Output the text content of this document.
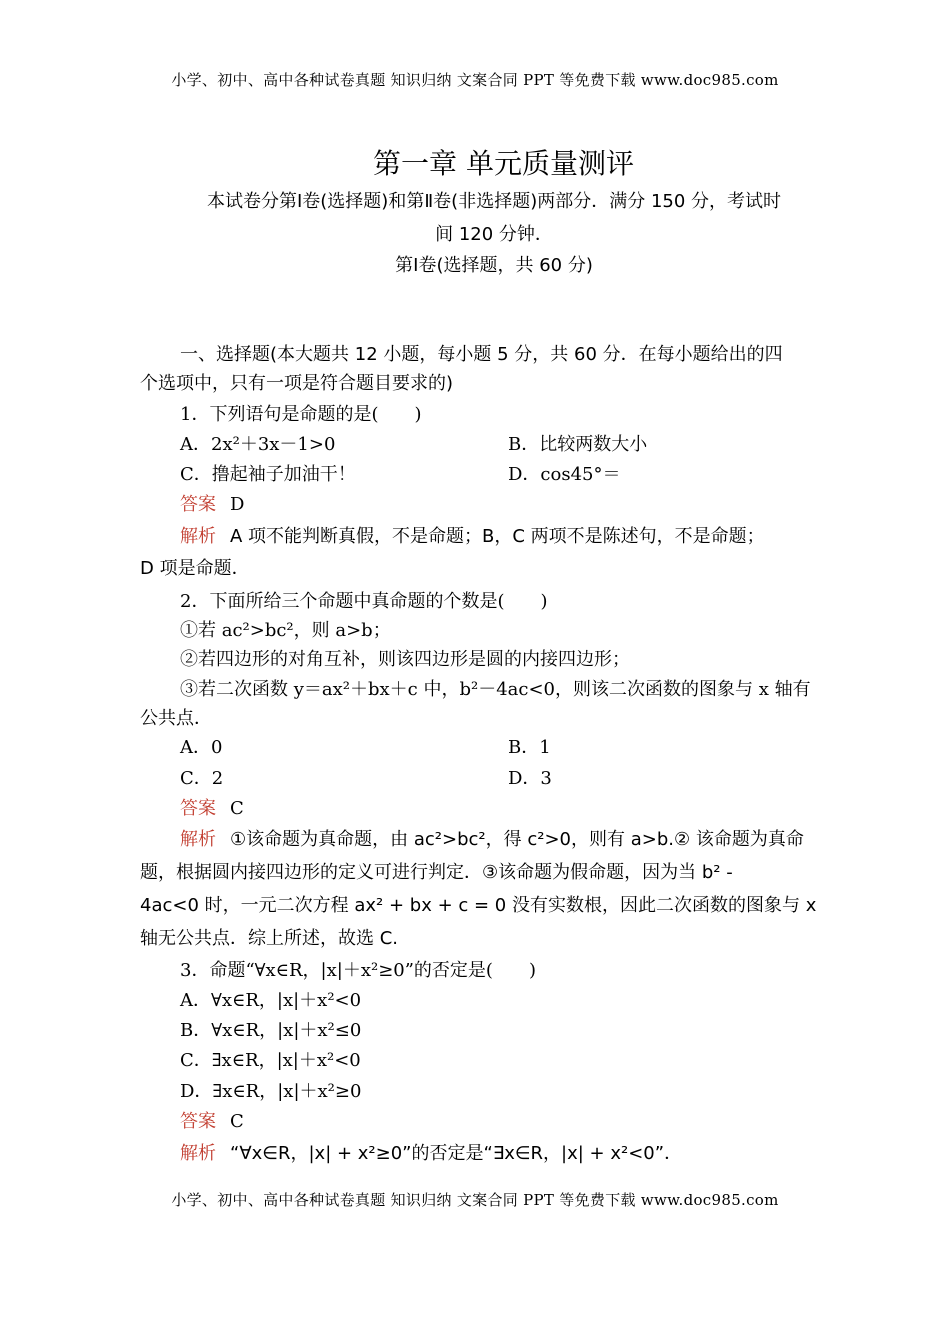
小学、初中、高中各种试卷真题 知识归纳 文案合同 PPT 等免费下载 www.doc985.com
第一章 单元质量测评
本试卷分第Ⅰ卷(选择题)和第Ⅱ卷(非选择题)两部分．满分 150 分，考试时
间 120 分钟．
第Ⅰ卷(选择题，共 60 分)
一、选择题(本大题共 12 小题，每小题 5 分，共 60 分．在每小题给出的四
个选项中，只有一项是符合题目要求的)
1．下列语句是命题的是(　　)
A．2x²＋3x－1>0	B．比较两数大小
C．撸起袖子加油干！	D．cos45°＝
答案 D
解析 A 项不能判断真假，不是命题；B，C 两项不是陈述句，不是命题；
D 项是命题．
2．下面所给三个命题中真命题的个数是(　　)
①若 ac²>bc²，则 a>b；
②若四边形的对角互补，则该四边形是圆的内接四边形；
③若二次函数 y＝ax²＋bx＋c 中，b²－4ac<0，则该二次函数的图象与 x 轴有
公共点．
A．0	B．1
C．2	D．3
答案 C
解析 ①该命题为真命题，由 ac²>bc²，得 c²>0，则有 a>b.② 该命题为真命
题，根据圆内接四边形的定义可进行判定．③该命题为假命题，因为当 b² -
4ac<0 时，一元二次方程 ax² + bx + c = 0 没有实数根，因此二次函数的图象与 x
轴无公共点．综上所述，故选 C.
3．命题“∀x∈R，|x|＋x²≥0”的否定是(　　)
A．∀x∈R，|x|＋x²<0
B．∀x∈R，|x|＋x²≤0
C．∃x∈R，|x|＋x²<0
D．∃x∈R，|x|＋x²≥0
答案 C
解析 “∀x∈R，|x| + x²≥0”的否定是“∃x∈R，|x| + x²<0”．
小学、初中、高中各种试卷真题 知识归纳 文案合同 PPT 等免费下载 www.doc985.com
